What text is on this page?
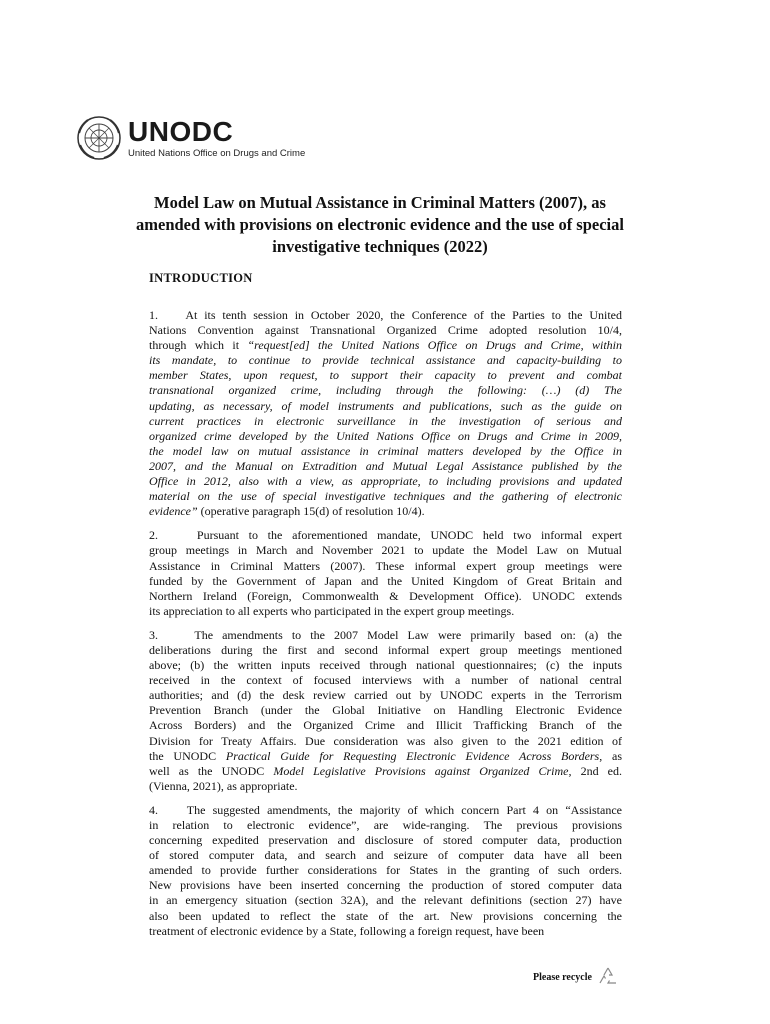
UNODC
United Nations Office on Drugs and Crime
Model Law on Mutual Assistance in Criminal Matters (2007), as
amended with provisions on electronic evidence and the use of special
investigative techniques (2022)
INTRODUCTION
1.    At its tenth session in October 2020, the Conference of the Parties to the United
Nations Convention against Transnational Organized Crime adopted resolution 10/4,
through which it “request[ed] the United Nations Office on Drugs and Crime, within
its mandate, to continue to provide technical assistance and capacity-building to
member States, upon request, to support their capacity to prevent and combat
transnational organized crime, including through the following: (…) (d) The
updating, as necessary, of model instruments and publications, such as the guide on
current practices in electronic surveillance in the investigation of serious and
organized crime developed by the United Nations Office on Drugs and Crime in 2009,
the model law on mutual assistance in criminal matters developed by the Office in
2007, and the Manual on Extradition and Mutual Legal Assistance published by the
Office in 2012, also with a view, as appropriate, to including provisions and updated
material on the use of special investigative techniques and the gathering of electronic
evidence” (operative paragraph 15(d) of resolution 10/4).
2.    Pursuant to the aforementioned mandate, UNODC held two informal expert
group meetings in March and November 2021 to update the Model Law on Mutual
Assistance in Criminal Matters (2007). These informal expert group meetings were
funded by the Government of Japan and the United Kingdom of Great Britain and
Northern Ireland (Foreign, Commonwealth & Development Office). UNODC extends
its appreciation to all experts who participated in the expert group meetings.
3.    The amendments to the 2007 Model Law were primarily based on: (a) the
deliberations during the first and second informal expert group meetings mentioned
above; (b) the written inputs received through national questionnaires; (c) the inputs
received in the context of focused interviews with a number of national central
authorities; and (d) the desk review carried out by UNODC experts in the Terrorism
Prevention Branch (under the Global Initiative on Handling Electronic Evidence
Across Borders) and the Organized Crime and Illicit Trafficking Branch of the
Division for Treaty Affairs. Due consideration was also given to the 2021 edition of
the UNODC Practical Guide for Requesting Electronic Evidence Across Borders, as
well as the UNODC Model Legislative Provisions against Organized Crime, 2nd ed.
(Vienna, 2021), as appropriate.
4.    The suggested amendments, the majority of which concern Part 4 on “Assistance
in relation to electronic evidence”, are wide-ranging. The previous provisions
concerning expedited preservation and disclosure of stored computer data, production
of stored computer data, and search and seizure of computer data have all been
amended to provide further considerations for States in the granting of such orders.
New provisions have been inserted concerning the production of stored computer data
in an emergency situation (section 32A), and the relevant definitions (section 27) have
also been updated to reflect the state of the art. New provisions concerning the
treatment of electronic evidence by a State, following a foreign request, have been
Please recycle
